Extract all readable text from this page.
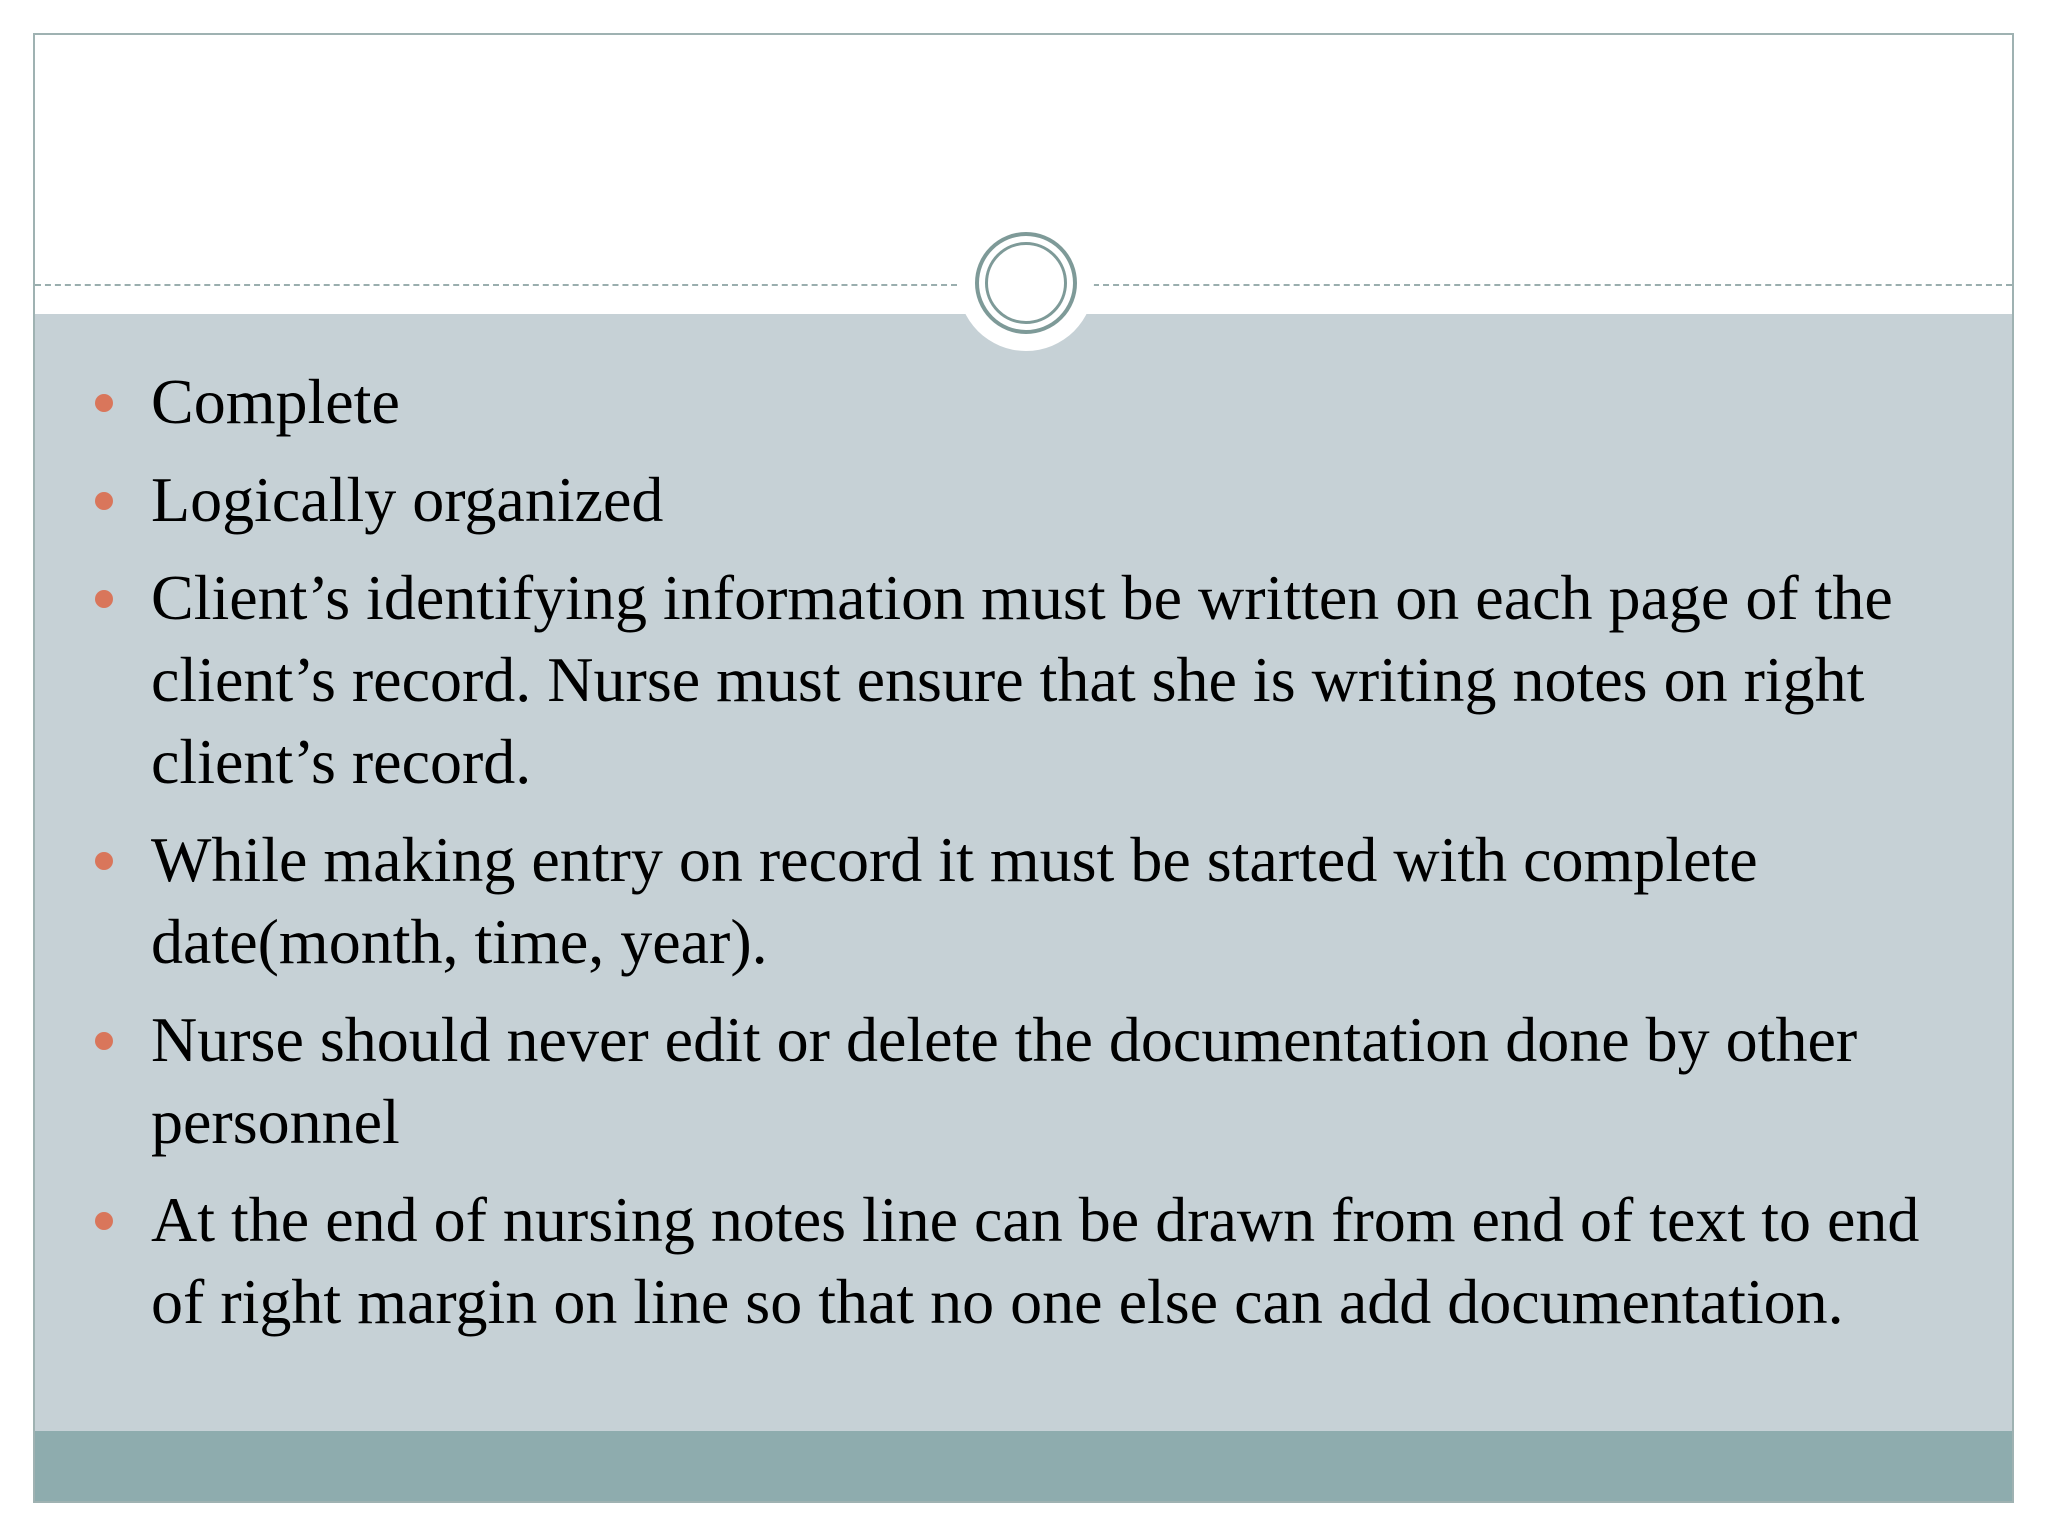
Complete
Logically organized
Client’s identifying information must be written on each page of the client’s record. Nurse must ensure that she is writing notes on right client’s record.
While making entry on record it must be started with complete date(month, time, year).
Nurse should never edit or delete the documentation done by other personnel
At the end of nursing notes line can be drawn from end of text to end of right margin on line so that no one else can add documentation.
